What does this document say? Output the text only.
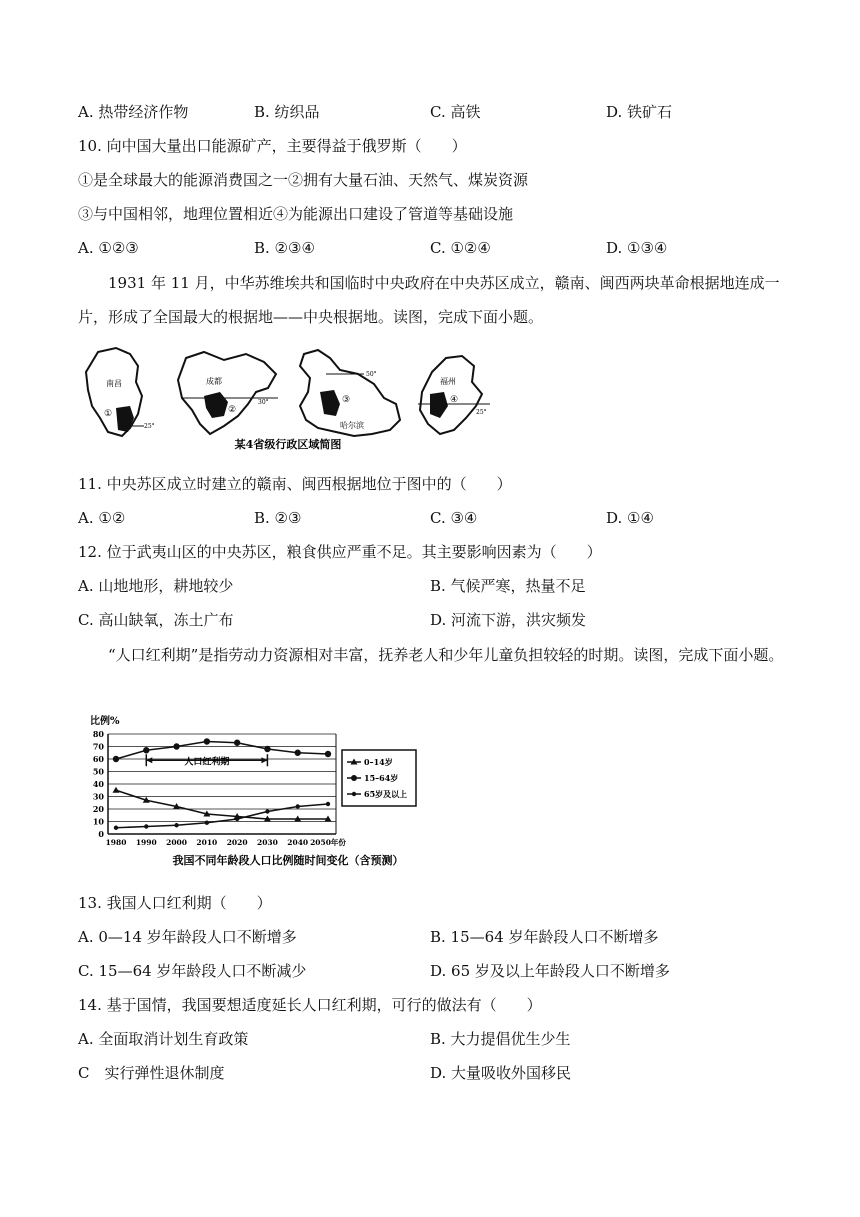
A. 热带经济作物	B. 纺织品	C. 高铁	D. 铁矿石
10. 向中国大量出口能源矿产，主要得益于俄罗斯（　　）
①是全球最大的能源消费国之一②拥有大量石油、天然气、煤炭资源
③与中国相邻，地理位置相近④为能源出口建设了管道等基础设施
A. ①②③	B. ②③④	C. ①②④	D. ①③④
1931 年 11 月，中华苏维埃共和国临时中央政府在中央苏区成立，赣南、闽西两块革命根据地连成一片，形成了全国最大的根据地——中央根据地。读图，完成下面小题。
南昌
①
25°
成都
②
30°
50°
③
哈尔滨
福州
④
25°
某4省级行政区域简图
11. 中央苏区成立时建立的赣南、闽西根据地位于图中的（　　）
A. ①②	B. ②③	C. ③④	D. ①④
12. 位于武夷山区的中央苏区，粮食供应严重不足。其主要影响因素为（　　）
A. 山地地形，耕地较少	B. 气候严寒，热量不足
C. 高山缺氧，冻土广布	D. 河流下游，洪灾频发
“人口红利期”是指劳动力资源相对丰富，抚养老人和少年儿童负担较轻的时期。读图，完成下面小题。
比例%
80
70
60
50
40
30
20
10
0
1980 1990 2000 2010 2020 2030 2040 2050年份
人口红利期	0–14岁
15–64岁
65岁及以上
我国不同年龄段人口比例随时间变化（含预测）
13. 我国人口红利期（　　）
A. 0—14 岁年龄段人口不断增多	B. 15—64 岁年龄段人口不断增多
C. 15—64 岁年龄段人口不断减少	D. 65 岁及以上年龄段人口不断增多
14. 基于国情，我国要想适度延长人口红利期，可行的做法有（　　）
A. 全面取消计划生育政策	B. 大力提倡优生少生
C　实行弹性退休制度	D. 大量吸收外国移民
